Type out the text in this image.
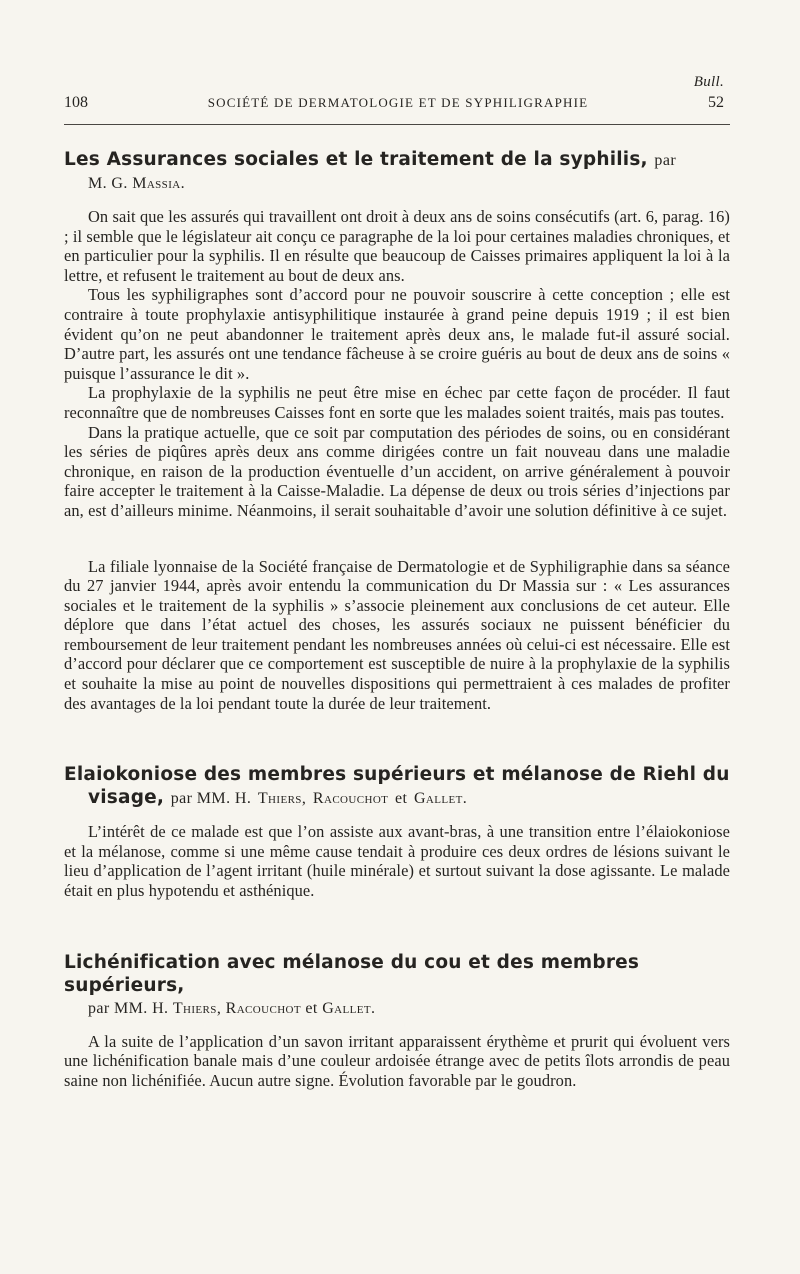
Bull.
108	SOCIÉTÉ DE DERMATOLOGIE ET DE SYPHILIGRAPHIE	52
Les Assurances sociales et le traitement de la syphilis, par
M. G. Massia.

On sait que les assurés qui travaillent ont droit à deux ans de soins consécutifs (art. 6, parag. 16) ; il semble que le législateur ait conçu ce paragraphe de la loi pour certaines maladies chroniques, et en particulier pour la syphilis. Il en résulte que beaucoup de Caisses primaires appliquent la loi à la lettre, et refusent le traitement au bout de deux ans.

Tous les syphiligraphes sont d’accord pour ne pouvoir souscrire à cette conception ; elle est contraire à toute prophylaxie antisyphilitique instaurée à grand peine depuis 1919 ; il est bien évident qu’on ne peut abandonner le traitement après deux ans, le malade fut-il assuré social. D’autre part, les assurés ont une tendance fâcheuse à se croire guéris au bout de deux ans de soins « puisque l’assurance le dit ».

La prophylaxie de la syphilis ne peut être mise en échec par cette façon de procéder. Il faut reconnaître que de nombreuses Caisses font en sorte que les malades soient traités, mais pas toutes.

Dans la pratique actuelle, que ce soit par computation des périodes de soins, ou en considérant les séries de piqûres après deux ans comme dirigées contre un fait nouveau dans une maladie chronique, en raison de la production éventuelle d’un accident, on arrive généralement à pouvoir faire accepter le traitement à la Caisse-Maladie. La dépense de deux ou trois séries d’injections par an, est d’ailleurs minime. Néanmoins, il serait souhaitable d’avoir une solution définitive à ce sujet.

La filiale lyonnaise de la Société française de Dermatologie et de Syphiligraphie dans sa séance du 27 janvier 1944, après avoir entendu la communication du Dr Massia sur : « Les assurances sociales et le traitement de la syphilis » s’associe pleinement aux conclusions de cet auteur. Elle déplore que dans l’état actuel des choses, les assurés sociaux ne puissent bénéficier du remboursement de leur traitement pendant les nombreuses années où celui-ci est nécessaire. Elle est d’accord pour déclarer que ce comportement est susceptible de nuire à la prophylaxie de la syphilis et souhaite la mise au point de nouvelles dispositions qui permettraient à ces malades de profiter des avantages de la loi pendant toute la durée de leur traitement.

Elaiokoniose des membres supérieurs et mélanose de Riehl du
visage, par MM. H. Thiers, Racouchot et Gallet.

L’intérêt de ce malade est que l’on assiste aux avant-bras, à une transition entre l’élaiokoniose et la mélanose, comme si une même cause tendait à produire ces deux ordres de lésions suivant le lieu d’application de l’agent irritant (huile minérale) et surtout suivant la dose agissante. Le malade était en plus hypotendu et asthénique.

Lichénification avec mélanose du cou et des membres supérieurs,

par MM. H. Thiers, Racouchot et Gallet.

A la suite de l’application d’un savon irritant apparaissent érythème et prurit qui évoluent vers une lichénification banale mais d’une couleur ardoisée étrange avec de petits îlots arrondis de peau saine non lichénifiée. Aucun autre signe. Évolution favorable par le goudron.
